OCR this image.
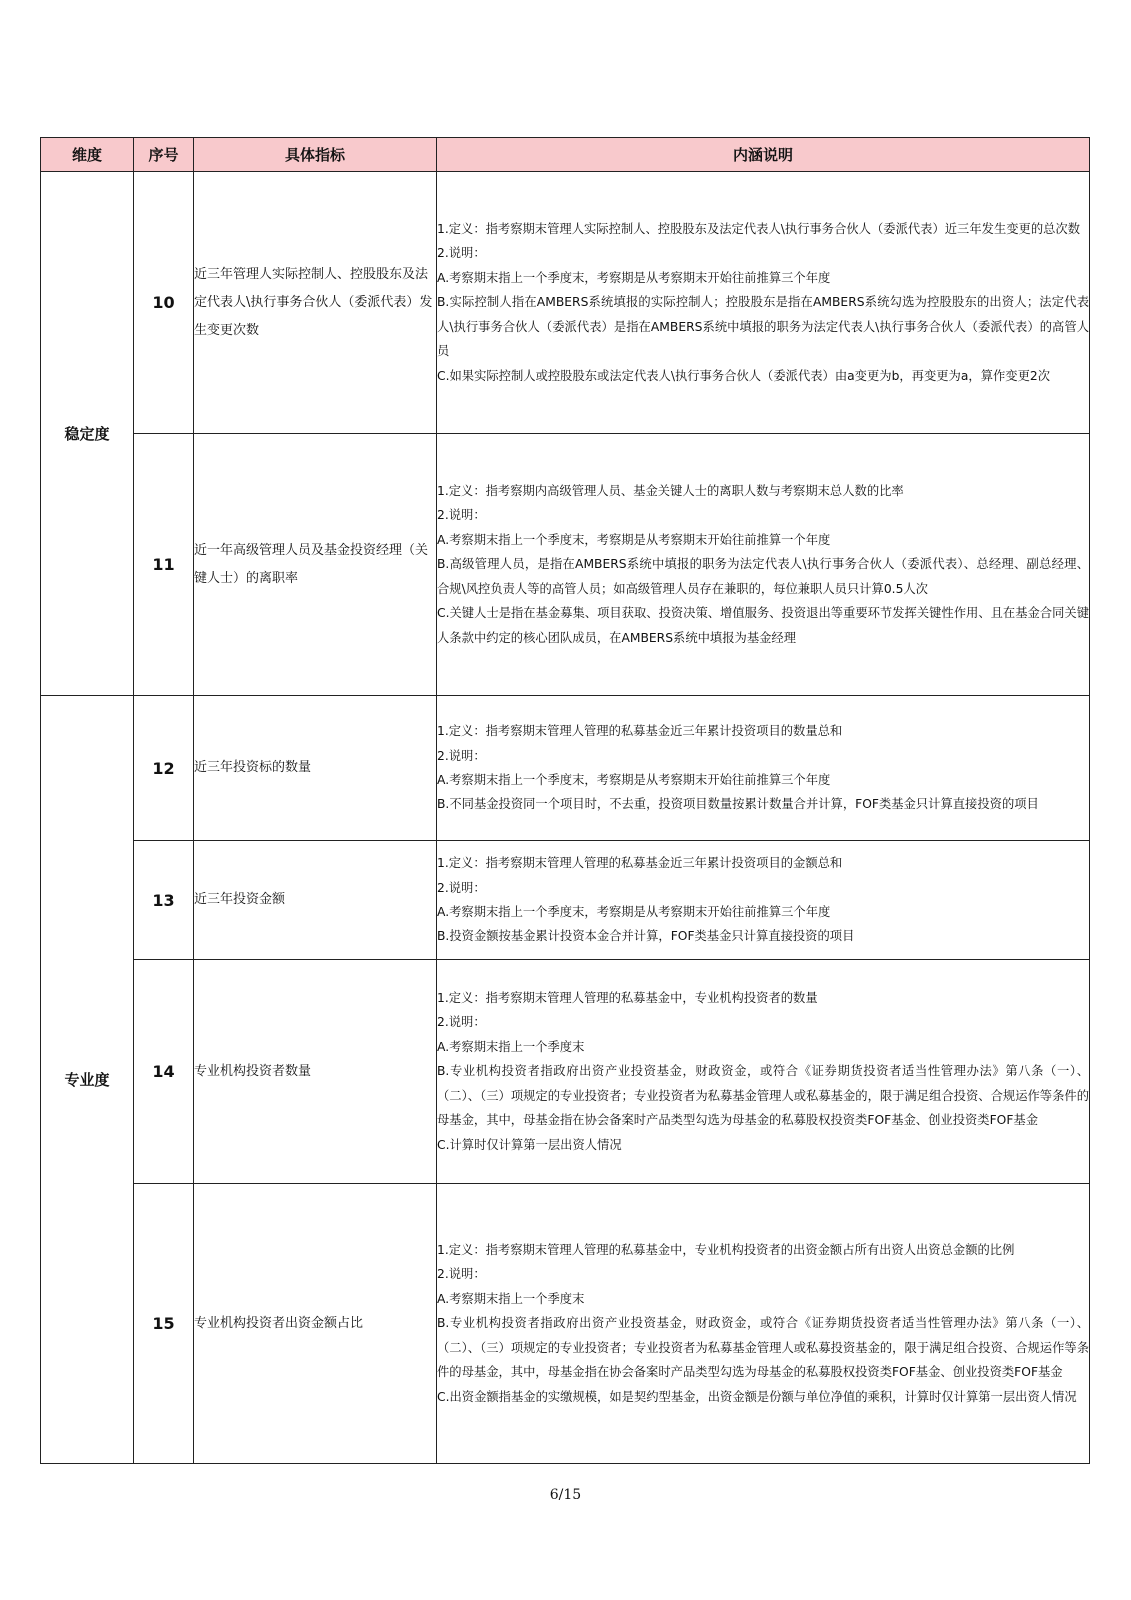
维度	序号	具体指标	内涵说明
稳定度	10	近三年管理人实际控制人、控股股东及法定代表人\执行事务合伙人（委派代表）发生变更次数	1.定义：指考察期末管理人实际控制人、控股股东及法定代表人\执行事务合伙人（委派代表）近三年发生变更的总次数
2.说明：
A.考察期末指上一个季度末，考察期是从考察期末开始往前推算三个年度
B.实际控制人指在AMBERS系统填报的实际控制人；控股股东是指在AMBERS系统勾选为控股股东的出资人；法定代表人\执行事务合伙人（委派代表）是指在AMBERS系统中填报的职务为法定代表人\执行事务合伙人（委派代表）的高管人员
C.如果实际控制人或控股股东或法定代表人\执行事务合伙人（委派代表）由a变更为b，再变更为a，算作变更2次

	11	近一年高级管理人员及基金投资经理（关键人士）的离职率	1.定义：指考察期内高级管理人员、基金关键人士的离职人数与考察期末总人数的比率
2.说明：
A.考察期末指上一个季度末，考察期是从考察期末开始往前推算一个年度
B.高级管理人员，是指在AMBERS系统中填报的职务为法定代表人\执行事务合伙人（委派代表）、总经理、副总经理、合规\风控负责人等的高管人员；如高级管理人员存在兼职的，每位兼职人员只计算0.5人次
C.关键人士是指在基金募集、项目获取、投资决策、增值服务、投资退出等重要环节发挥关键性作用、且在基金合同关键人条款中约定的核心团队成员，在AMBERS系统中填报为基金经理

专业度	12	近三年投资标的数量	1.定义：指考察期末管理人管理的私募基金近三年累计投资项目的数量总和
2.说明：
A.考察期末指上一个季度末，考察期是从考察期末开始往前推算三个年度
B.不同基金投资同一个项目时，不去重，投资项目数量按累计数量合并计算，FOF类基金只计算直接投资的项目

	13	近三年投资金额	1.定义：指考察期末管理人管理的私募基金近三年累计投资项目的金额总和
2.说明：
A.考察期末指上一个季度末，考察期是从考察期末开始往前推算三个年度
B.投资金额按基金累计投资本金合并计算，FOF类基金只计算直接投资的项目

	14	专业机构投资者数量	1.定义：指考察期末管理人管理的私募基金中，专业机构投资者的数量
2.说明：
A.考察期末指上一个季度末
B.专业机构投资者指政府出资产业投资基金，财政资金，或符合《证券期货投资者适当性管理办法》第八条（一）、（二）、（三）项规定的专业投资者；专业投资者为私募基金管理人或私募基金的，限于满足组合投资、合规运作等条件的母基金，其中，母基金指在协会备案时产品类型勾选为母基金的私募股权投资类FOF基金、创业投资类FOF基金
C.计算时仅计算第一层出资人情况

	15	专业机构投资者出资金额占比	1.定义：指考察期末管理人管理的私募基金中，专业机构投资者的出资金额占所有出资人出资总金额的比例
2.说明：
A.考察期末指上一个季度末
B.专业机构投资者指政府出资产业投资基金，财政资金，或符合《证券期货投资者适当性管理办法》第八条（一）、（二）、（三）项规定的专业投资者；专业投资者为私募基金管理人或私募投资基金的，限于满足组合投资、合规运作等条件的母基金，其中，母基金指在协会备案时产品类型勾选为母基金的私募股权投资类FOF基金、创业投资类FOF基金
C.出资金额指基金的实缴规模，如是契约型基金，出资金额是份额与单位净值的乘积，计算时仅计算第一层出资人情况
6/15
